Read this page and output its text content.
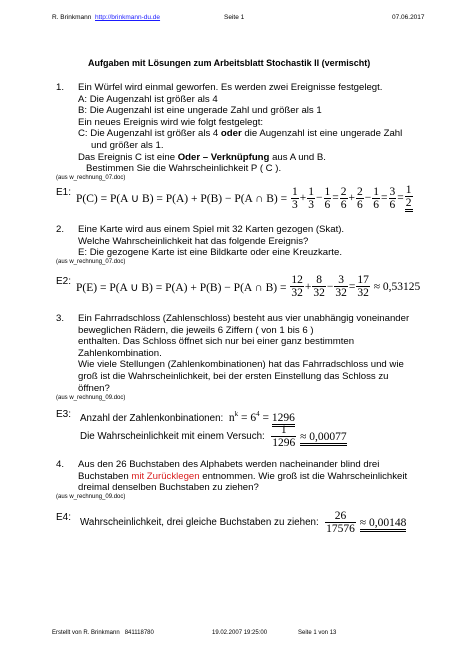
R. Brinkmann http://brinkmann-du.de	Seite 1	07.06.2017
Aufgaben mit Lösungen zum Arbeitsblatt Stochastik II (vermischt)
1. Ein Würfel wird einmal geworfen. Es werden zwei Ereignisse festgelegt.
A: Die Augenzahl ist größer als 4
B: Die Augenzahl ist eine ungerade Zahl und größer als 1
Ein neues Ereignis wird wie folgt festgelegt:
C: Die Augenzahl ist größer als 4 oder die Augenzahl ist eine ungerade Zahl
und größer als 1.
Das Ereignis C ist eine Oder – Verknüpfung aus A und B.
Bestimmen Sie die Wahrscheinlichkeit P ( C ).
(aus w_rechnung_07.doc)
E1:
P(C) = P(A ∪ B) = P(A) + P(B) − P(A ∩ B) =
$\frac{1}{3} + \frac{1}{3} - \frac{1}{6} = \frac{2}{6} + \frac{2}{6} - \frac{1}{6} = \frac{3}{6} = \frac{1}{2}$
2. Eine Karte wird aus einem Spiel mit 32 Karten gezogen (Skat).
Welche Wahrscheinlichkeit hat das folgende Ereignis?
E: Die gezogene Karte ist eine Bildkarte oder eine Kreuzkarte.
(aus w_rechnung_07.doc)
E2: P(E) = P(A ∪ B) = P(A) + P(B) − P(A ∩ B) =
$\frac{12}{32} + \frac{8}{32} - \frac{3}{32} = \frac{17}{32}$
≈ 0,53125
3. Ein Fahrradschloss (Zahlenschloss) besteht aus vier unabhängig voneinander
beweglichen Rädern, die jeweils 6 Ziffern ( von 1 bis 6 )
enthalten. Das Schloss öffnet sich nur bei einer ganz bestimmten
Zahlenkombination.
Wie viele Stellungen (Zahlenkombinationen) hat das Fahrradschloss und wie
groß ist die Wahrscheinlichkeit, bei der ersten Einstellung das Schloss zu
öffnen?
(aus w_rechnung_09.doc)
E3: Anzahl der Zahlenkonbinationen: $n^k = 6^4 = 1296$
Die Wahrscheinlichkeit mit einem Versuch:
$\frac{1}{1296} \approx 0,00077$
4. Aus den 26 Buchstaben des Alphabets werden nacheinander blind drei
Buchstaben mit Zurücklegen entnommen. Wie groß ist die Wahrscheinlichkeit
dreimal denselben Buchstaben zu ziehen?
(aus w_rechnung_09.doc)
E4: Wahrscheinlichkeit, drei gleiche Buchstaben zu ziehen:
$\frac{26}{17576} \approx 0,00148$
Erstellt von R. Brinkmann 841118780	19.02.2007 19:25:00	Seite 1 von 13
